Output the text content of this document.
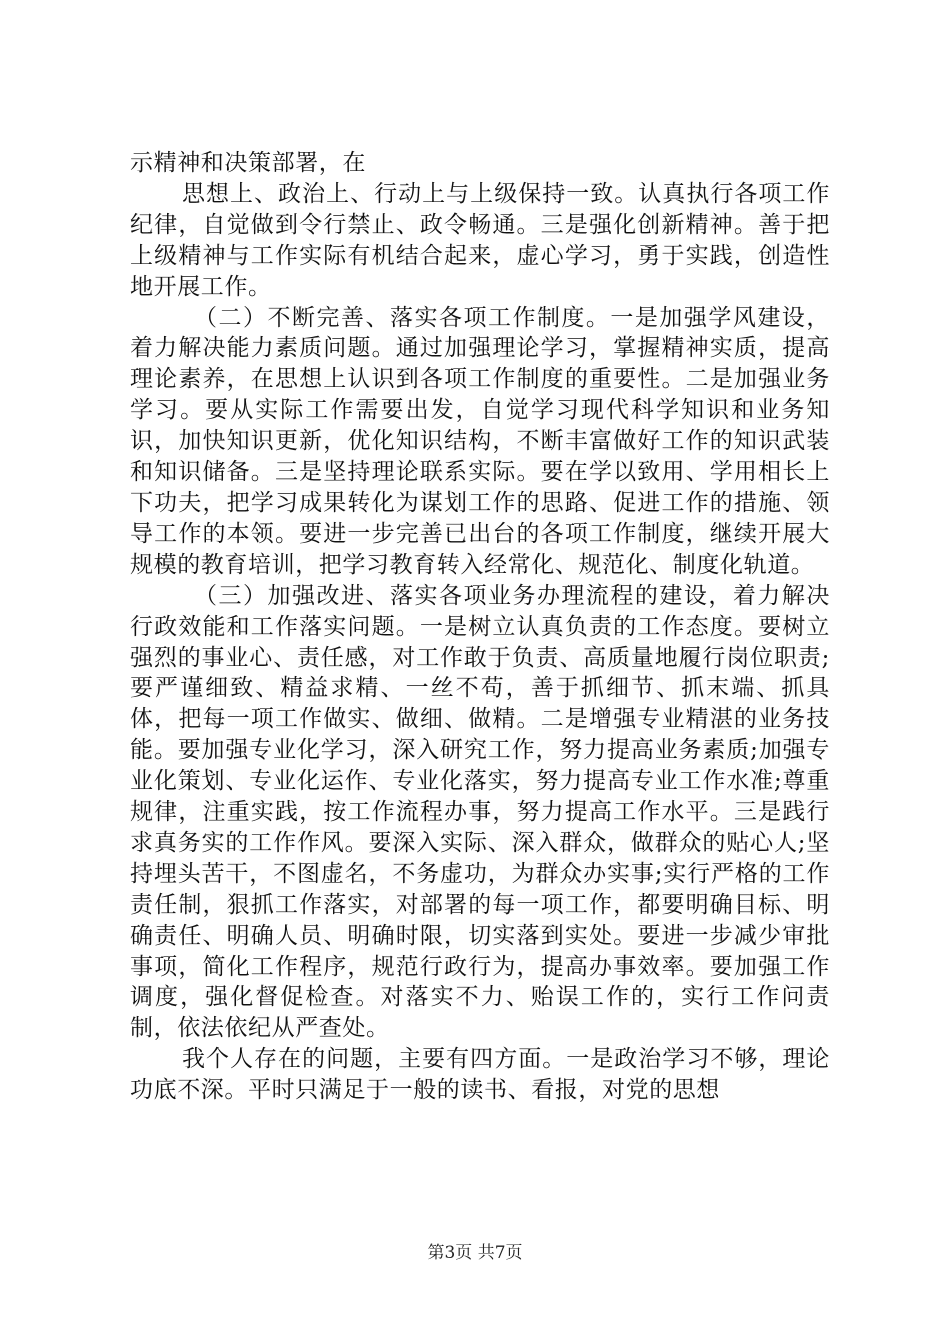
示精神和决策部署，在

思想上、政治上、行动上与上级保持一致。认真执行各项工作纪律，自觉做到令行禁止、政令畅通。三是强化创新精神。善于把上级精神与工作实际有机结合起来，虚心学习，勇于实践，创造性地开展工作。

（二）不断完善、落实各项工作制度。一是加强学风建设，着力解决能力素质问题。通过加强理论学习，掌握精神实质，提高理论素养，在思想上认识到各项工作制度的重要性。二是加强业务学习。要从实际工作需要出发，自觉学习现代科学知识和业务知识，加快知识更新，优化知识结构，不断丰富做好工作的知识武装和知识储备。三是坚持理论联系实际。要在学以致用、学用相长上下功夫，把学习成果转化为谋划工作的思路、促进工作的措施、领导工作的本领。要进一步完善已出台的各项工作制度，继续开展大规模的教育培训，把学习教育转入经常化、规范化、制度化轨道。

（三）加强改进、落实各项业务办理流程的建设，着力解决行政效能和工作落实问题。一是树立认真负责的工作态度。要树立强烈的事业心、责任感，对工作敢于负责、高质量地履行岗位职责;要严谨细致、精益求精、一丝不苟，善于抓细节、抓末端、抓具体，把每一项工作做实、做细、做精。二是增强专业精湛的业务技能。要加强专业化学习，深入研究工作，努力提高业务素质;加强专业化策划、专业化运作、专业化落实，努力提高专业工作水准;尊重规律，注重实践，按工作流程办事，努力提高工作水平。三是践行求真务实的工作作风。要深入实际、深入群众，做群众的贴心人;坚持埋头苦干，不图虚名，不务虚功，为群众办实事;实行严格的工作责任制，狠抓工作落实，对部署的每一项工作，都要明确目标、明确责任、明确人员、明确时限，切实落到实处。要进一步减少审批事项，简化工作程序，规范行政行为，提高办事效率。要加强工作调度，强化督促检查。对落实不力、贻误工作的，实行工作问责制，依法依纪从严查处。

我个人存在的问题，主要有四方面。一是政治学习不够，理论功底不深。平时只满足于一般的读书、看报，对党的思想

第3页 共7页
